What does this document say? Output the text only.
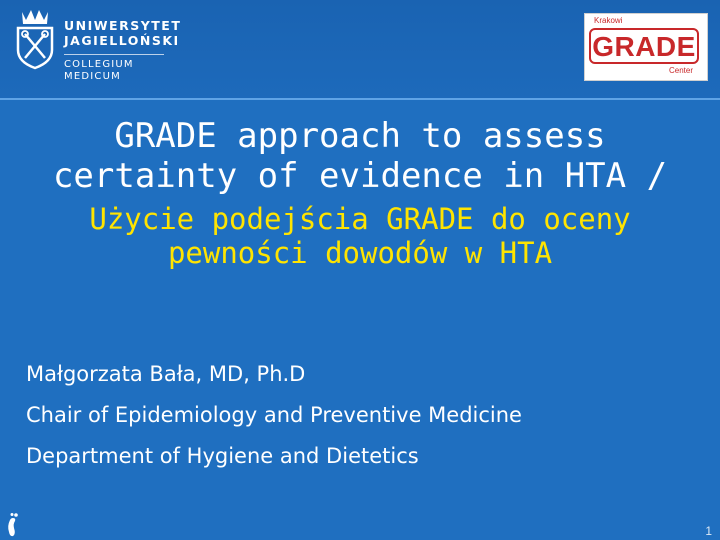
UNIWERSYTET
JAGIELLOŃSKI
COLLEGIUM
MEDICUM
Krakowi
GRADE
Center
GRADE approach to assess
certainty of evidence in HTA /
Użycie podejścia GRADE do oceny
pewności dowodów w HTA
Małgorzata Bała, MD, Ph.D
Chair of Epidemiology and Preventive Medicine
Department of Hygiene and Dietetics
1
